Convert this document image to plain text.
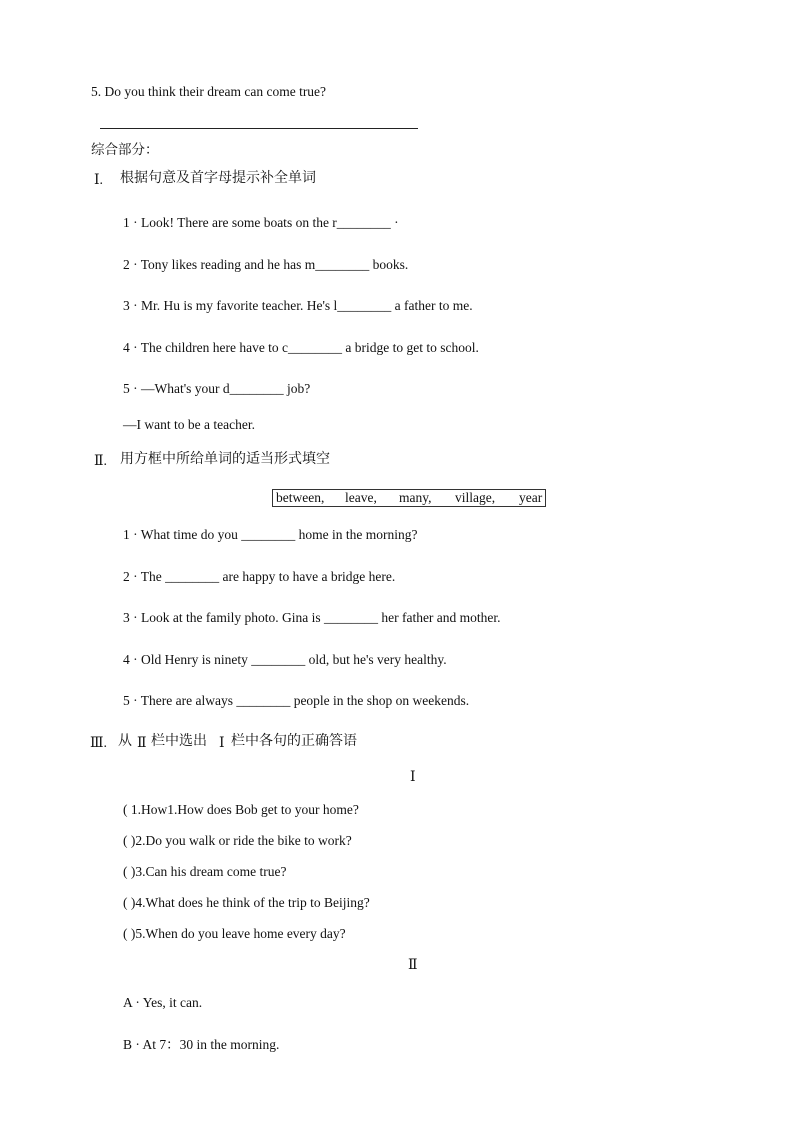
5. Do you think their dream can come true?
综合部分：
Ⅰ. 根据句意及首字母提示补全单词
1 · Look! There are some boats on the r________ ·
2 · Tony likes reading and he has m________ books.
3 · Mr. Hu is my favorite teacher. He's l________ a father to me.
4 · The children here have to c________ a bridge to get to school.
5 · —What's your d________ job?
—I want to be a teacher.
Ⅱ. 用方框中所给单词的适当形式填空
between, leave, many, village, year
1 · What time do you ________ home in the morning?
2 · The ________ are happy to have a bridge here.
3 · Look at the family photo. Gina is ________ her father and mother.
4 · Old Henry is ninety ________ old, but he's very healthy.
5 · There are always ________ people in the shop on weekends.
Ⅲ. 从 Ⅱ 栏中选出 Ⅰ 栏中各句的正确答语
Ⅰ
( 1.How1.How does Bob get to your home?
( )2.Do you walk or ride the bike to work?
( )3.Can his dream come true?
( )4.What does he think of the trip to Beijing?
( )5.When do you leave home every day?
Ⅱ
A · Yes, it can.
B · At 7：30 in the morning.
